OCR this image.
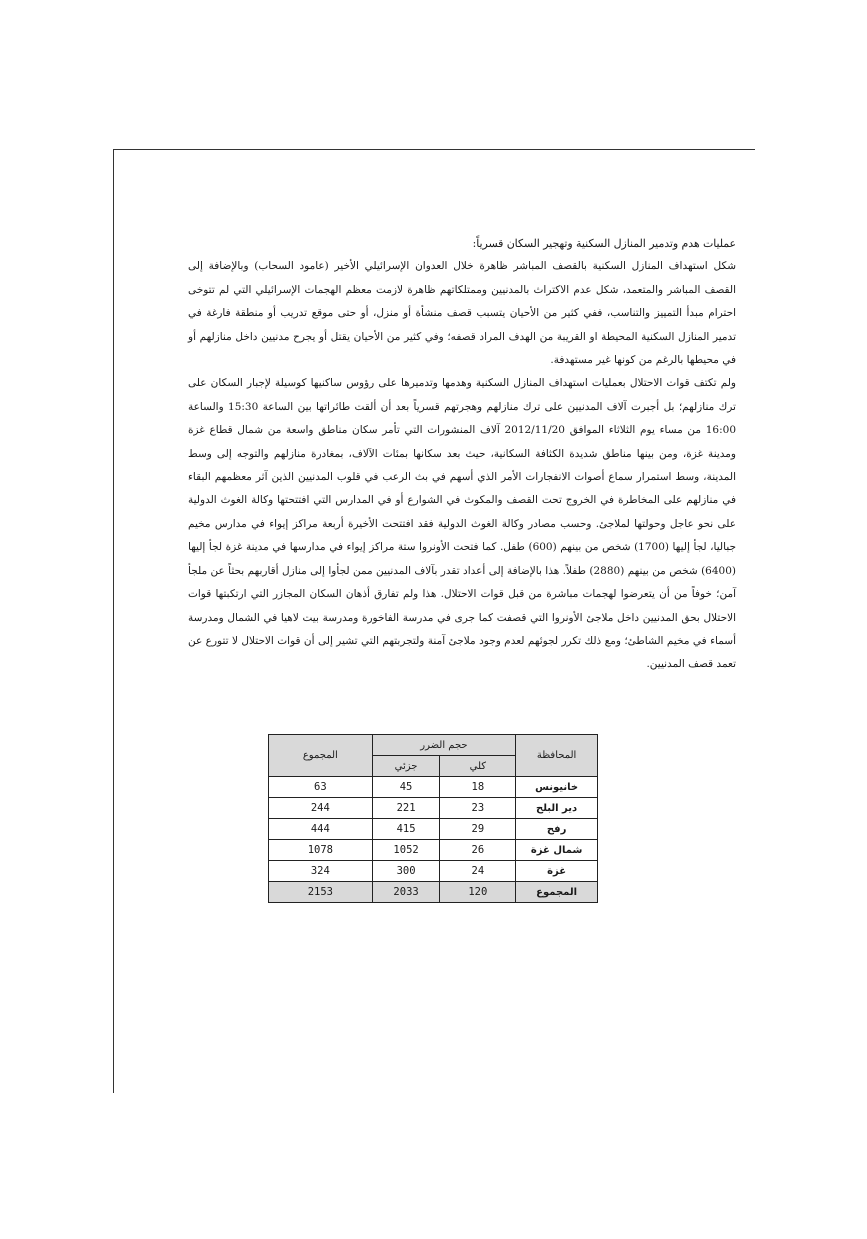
عمليات هدم وتدمير المنازل السكنية وتهجير السكان قسرياً:

شكل استهداف المنازل السكنية بالقصف المباشر ظاهرة خلال العدوان الإسرائيلي الأخير (عامود السحاب) وبالإضافة إلى القصف المباشر والمتعمد، شكل عدم الاكتراث بالمدنيين وممتلكاتهم ظاهرة لازمت معظم الهجمات الإسرائيلي التي لم تتوخى احترام مبدأ التمييز والتناسب، ففي كثير من الأحيان يتسبب قصف منشأة أو منزل، أو حتى موقع تدريب أو منطقة فارغة في تدمير المنازل السكنية المحيطة او القريبة من الهدف المراد قصفه؛ وفي كثير من الأحيان يقتل أو يجرح مدنيين داخل منازلهم أو في محيطها بالرغم من كونها غير مستهدفة.

ولم تكتف قوات الاحتلال بعمليات استهداف المنازل السكنية وهدمها وتدميرها على رؤوس ساكنيها كوسيلة لإجبار السكان على ترك منازلهم؛ بل أجبرت آلاف المدنيين على ترك منازلهم وهجرتهم قسرياً بعد أن ألقت طائراتها بين الساعة 15:30 والساعة 16:00 من مساء يوم الثلاثاء الموافق 2012/11/20 آلاف المنشورات التي تأمر سكان مناطق واسعة من شمال قطاع غزة ومدينة غزة، ومن بينها مناطق شديدة الكثافة السكانية، حيث بعد سكانها بمئات الآلاف، بمغادرة منازلهم والتوجه إلى وسط المدينة، وسط استمرار سماع أصوات الانفجارات الأمر الذي أسهم في بث الرعب في قلوب المدنيين الذين آثر معظمهم البقاء في منازلهم على المخاطرة في الخروج تحت القصف والمكوث في الشوارع أو في المدارس التي افتتحتها وكالة الغوث الدولية على نحو عاجل وحولتها لملاجئ. وحسب مصادر وكالة الغوث الدولية فقد افتتحت الأخيرة أربعة مراكز إيواء في مدارس مخيم جباليا، لجأ إليها (1700) شخص من بينهم (600) طفل. كما فتحت الأونروا ستة مراكز إيواء في مدارسها في مدينة غزة لجأ إليها (6400) شخص من بينهم (2880) طفلاً. هذا بالإضافة إلى أعداد تقدر بآلاف المدنيين ممن لجأوا إلى منازل أقاربهم بحثاً عن ملجأ آمن؛ خوفاً من أن يتعرضوا لهجمات مباشرة من قبل قوات الاحتلال. هذا ولم تفارق أذهان السكان المجازر التي ارتكبتها قوات الاحتلال بحق المدنيين داخل ملاجئ الأونروا التي قصفت كما جرى في مدرسة الفاخورة ومدرسة بيت لاهيا في الشمال ومدرسة أسماء في مخيم الشاطئ؛ ومع ذلك تكرر لجوئهم لعدم وجود ملاجئ آمنة ولتجربتهم التي تشير إلى أن قوات الاحتلال لا تتورع عن تعمد قصف المدنيين.

المحافظة	حجم الضرر		المجموع
	كلي	جزئي	
خانيونس	18	45	63
دير البلح	23	221	244
رفح	29	415	444
شمال غزة	26	1052	1078
غزة	24	300	324
المجموع	120	2033	2153
